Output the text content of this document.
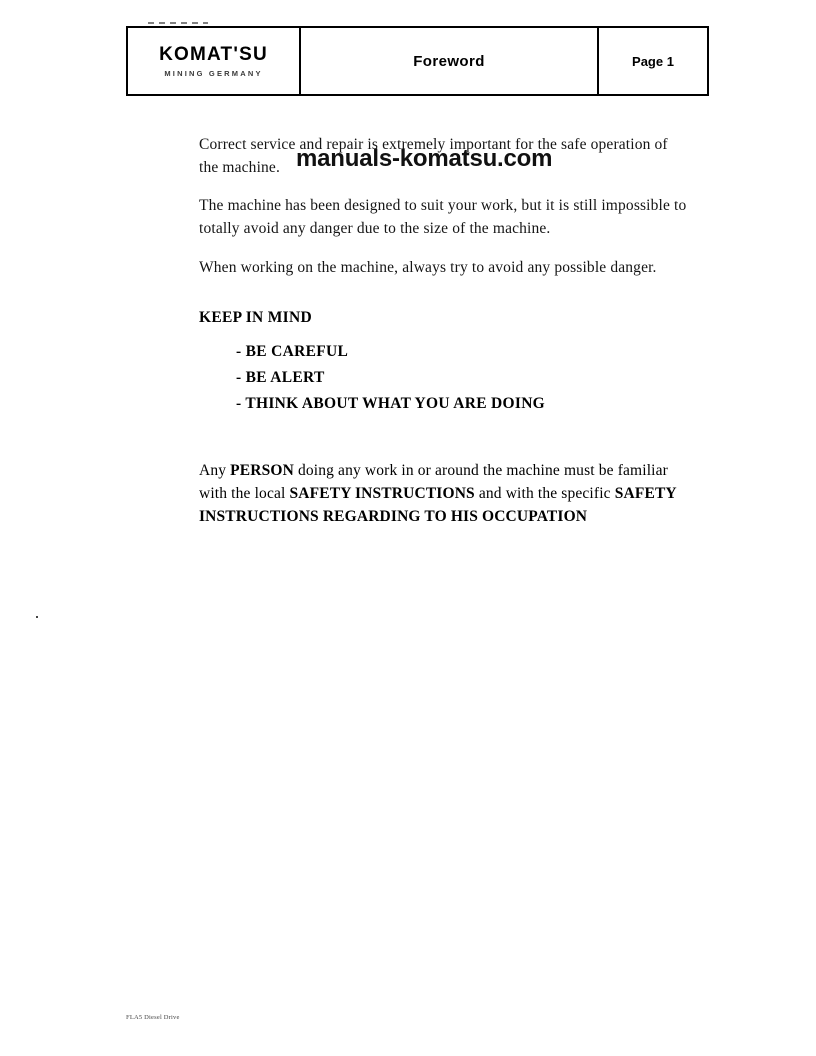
KOMAT'SU
MINING GERMANY
Foreword	Page 1

Correct service and repair is extremely important for the safe operation of the machine.

The machine has been designed to suit your work, but it is still impossible to totally avoid any danger due to the size of the machine.

When working on the machine, always try to avoid any possible danger.

KEEP IN MIND
- BE CAREFUL
- BE ALERT
- THINK ABOUT WHAT YOU ARE DOING

Any PERSON doing any work in or around the machine must be familiar with the local SAFETY INSTRUCTIONS and with the specific SAFETY INSTRUCTIONS REGARDING TO HIS OCCUPATION

manuals-komatsu.com
FLA5 Diesel Drive
